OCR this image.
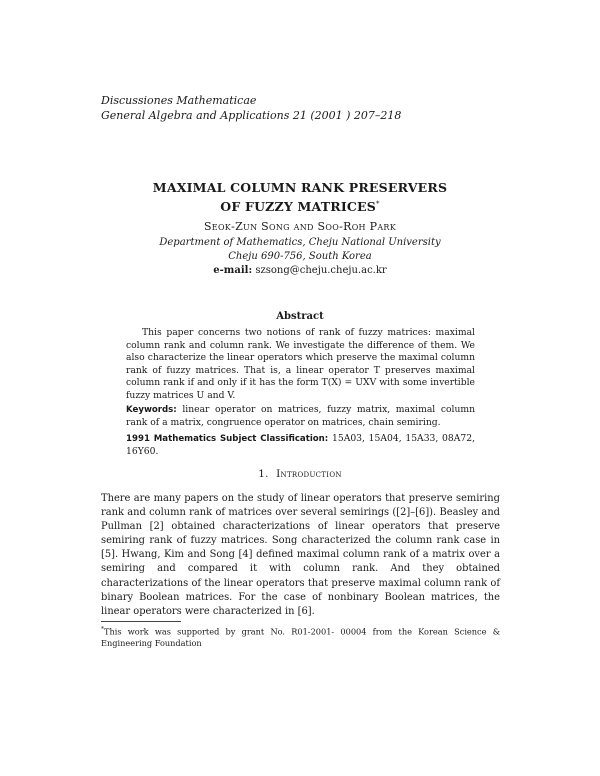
Discussiones Mathematicae
General Algebra and Applications 21 (2001 ) 207–218
MAXIMAL COLUMN RANK PRESERVERS
OF FUZZY MATRICES*
Seok-Zun Song and Soo-Roh Park
Department of Mathematics, Cheju National University
Cheju 690-756, South Korea
e-mail: szsong@cheju.cheju.ac.kr
Abstract
This paper concerns two notions of rank of fuzzy matrices: maximal column rank and column rank. We investigate the difference of them. We also characterize the linear operators which preserve the maximal column rank of fuzzy matrices. That is, a linear operator T preserves maximal column rank if and only if it has the form T(X) = UXV with some invertible fuzzy matrices U and V.
Keywords: linear operator on matrices, fuzzy matrix, maximal column rank of a matrix, congruence operator on matrices, chain semiring.
1991 Mathematics Subject Classification: 15A03, 15A04, 15A33, 08A72, 16Y60.
1. Introduction
There are many papers on the study of linear operators that preserve semiring rank and column rank of matrices over several semirings ([2]–[6]). Beasley and Pullman [2] obtained characterizations of linear operators that preserve semiring rank of fuzzy matrices. Song characterized the column rank case in [5]. Hwang, Kim and Song [4] defined maximal column rank of a matrix over a semiring and compared it with column rank. And they obtained characterizations of the linear operators that preserve maximal column rank of binary Boolean matrices. For the case of nonbinary Boolean matrices, the linear operators were characterized in [6].
*This work was supported by grant No. R01-2001- 00004 from the Korean Science & Engineering Foundation
